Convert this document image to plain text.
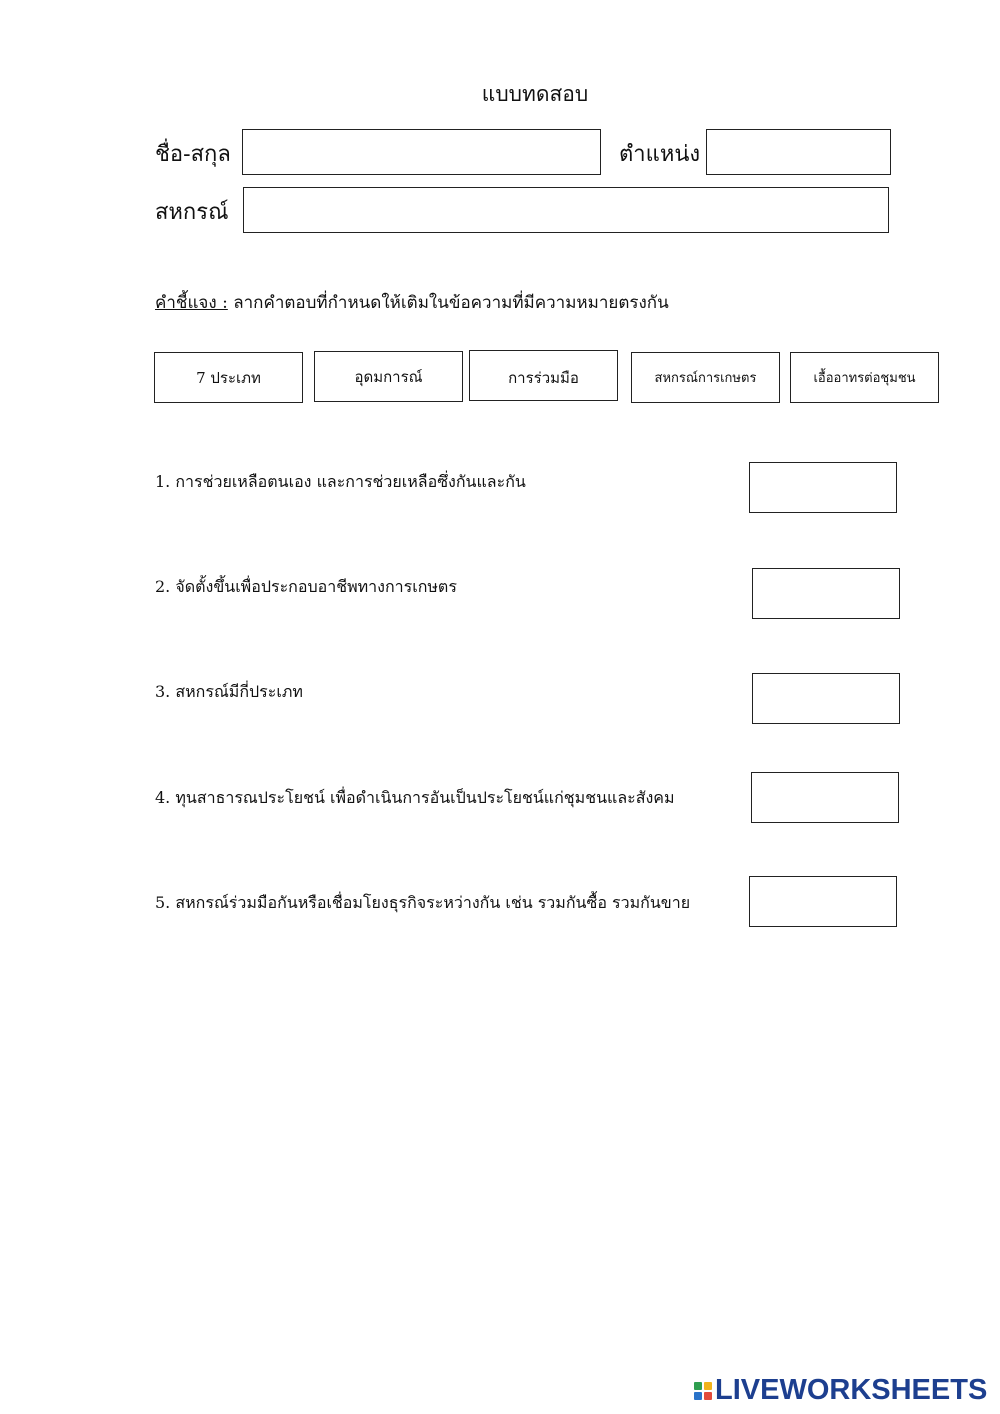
แบบทดสอบ
ชื่อ-สกุล	ตำแหน่ง
สหกรณ์
คำชี้แจง : ลากคำตอบที่กำหนดให้เติมในข้อความที่มีความหมายตรงกัน
7 ประเภท	อุดมการณ์	การร่วมมือ	สหกรณ์การเกษตร	เอื้ออาทรต่อชุมชน
1. การช่วยเหลือตนเอง และการช่วยเหลือซึ่งกันและกัน
2. จัดตั้งขึ้นเพื่อประกอบอาชีพทางการเกษตร
3. สหกรณ์มีกี่ประเภท
4. ทุนสาธารณประโยชน์ เพื่อดำเนินการอันเป็นประโยชน์แก่ชุมชนและสังคม
5. สหกรณ์ร่วมมือกันหรือเชื่อมโยงธุรกิจระหว่างกัน เช่น รวมกันซื้อ รวมกันขาย
LIVEWORKSHEETS
